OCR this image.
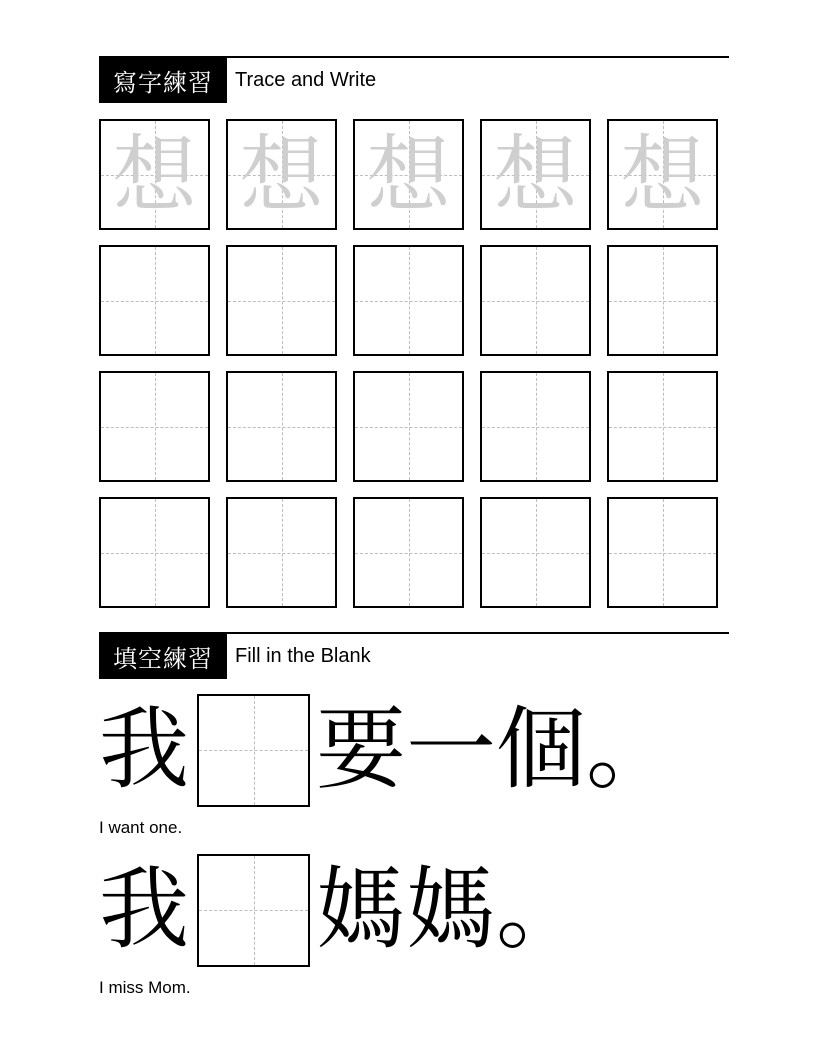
寫字練習	Trace and Write
想 想 想 想 想
填空練習	Fill in the Blank
我 要一個。
I want one.
我 媽媽。
I miss Mom.
